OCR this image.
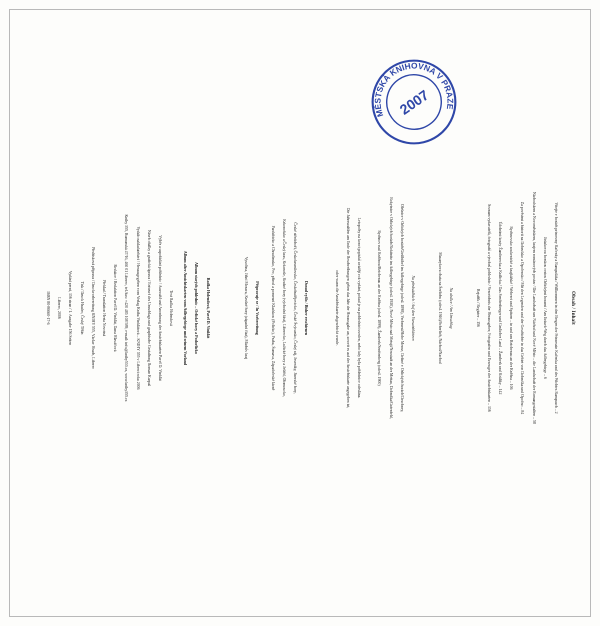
Obsah / Inhalt
Vítejte v horách princezny Kačenky a Rampušáka / Willkommen in den Bergen der Prinzessin Kačenka und des Wichtes Rampusch – 2
Jiráskovou horskou cestou Orlickými horami / Am Jirásek-Weg durch das Adlergebirge – 6
Náchodskem a Novoměstskem, krajem románových postav / Die Landschaft um Náchod und Nové Město – die Landschaft der Romangestalten – 58
Za pověstmi a historií na Dobrušsko a Opočensko / Mit den Legenden und der Geschichte in das Gebiet von Dobruška und Opočno – 84
Rychnovsko soukenické a krajkářské / Weberei und Spitzen – in und um Reichenau an der Kněžna – 106
Údolními kouty Žamberecka a Králicka / Das Senftenberger und Grulicher Land – Žamberk und Králíky – 142
Seznam vydavatelů, fotografů a výrobců pohlednic / Verzeichnis der Herausgeber, Fotografen und Erzeuger der Ansichtskarten – 156
Rejstřík / Register – 156
Na obálce / Am Umschlag
Masarykova chata na Šerlichu (odesl. 1946)/Scherlich, Náchod/Nachod
Na předsádkách / Auf den Vorsatzblättern
Olešnice v Orlických horách/Gießhübel im Adlergebirge (odesl. 1898), Vrchmezí/Hohe Mense, Deštné v Orlických horách/Deschney,
Rokytnice v Orlických horách/Rokitnitz im Adlergebirge (odesl. 1920), Nové Město nad Metují/Neustadt an der Mettau, Dobruška/Gutenfeld,
Rychnov nad Kněžnou/Reichenau an der Kněžna (odesl. 1899), Žamberk/Senftenberg (odesl. 1900)
Letopočty na konci popisků uvádějí rok vydání, pokud je na pohlednici uveden, nebo kdy byla pohlednice odeslána.
Die Jahreszahlen am Ende der Beschreibungen geben das Jahr der Herausgabe an, soweit es auf der Ansichtskarte angegeben ist,
oder wann die Ansichtskarte abgeschickt wurde.
Dosud vyšlo / Bisher erschienen
České středohoří, Českokrumlovsko, Českobudějovicko, České Švýcarsko, Český ráj, Jeseníky, Jizerské hory,
Krkonošsko a Český kras, Krkonoše, Krušné hory (východní část), Liberecko, Lužické hory a Ještěd, Olomoucko,
Pardubicko a Chrudimsko, Pec, přírod a pomezní Kladskou (Policko), Praha, Šumava, Západočeské lázně
Připravuje se / In Vorbereitung
Vysočina, Jižní Morava, Krušné hory (západní část), Máchův kraj
Radka Holendová, Pavel D. Vinklát
Album starých pohlednic – Orlické hory a Podorlicko
Album alter Ansichtskarten vom Adlergebirge und seinem Vorland
Text Radka Holendová
Výběr a uspořádání pohlednic / Auswahl und Anordnung der Ansichtskarten Pavel D. Vinklát
Návrh obálky a grafická úprava / Entwurf des Umschlags und graphische Gestaltung Roman Karpaš
Vydalo nakladatelství / Herausgegeben vom Verlag Kniha Vinklátová – KNIHY 555 v Liberci roku 2006
Knihy 555, Rumunská 47/16, 460 01 Liberec, tel./fax: +420 485 108 589, e-mail: info@knihy555.cz, www.knihy555.cz
Redakce / Redaktion Pavel D. Vinklát, Dana Hlaváčová
Překlad / Translation Herta Novotná
Předtisková příprava / Druckvorbereitung KNIHY 555, Václav Hrach, Liberec
Tisk / Druck Hradec, Český Těšín
Vydání první, 156 stran / 1. Ausgabe 156 Seiten
Liberec, 2006
ISBN 80-86660-17-6
MĚSTSKÁ KNIHOVNA V PRAZE
2007
